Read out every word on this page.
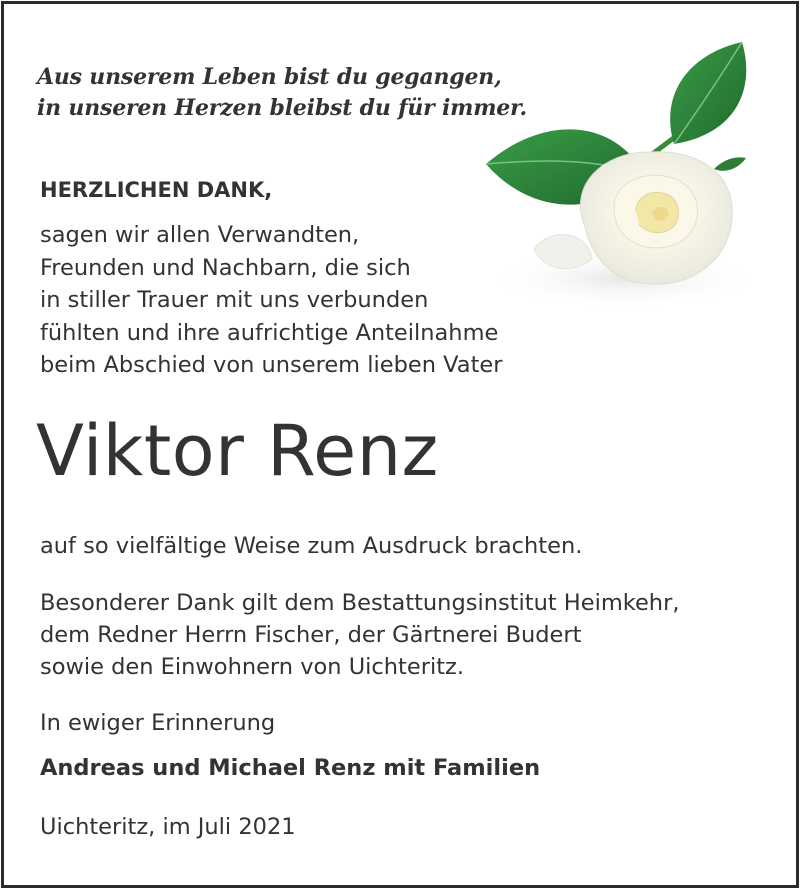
Aus unserem Leben bist du gegangen,
in unseren Herzen bleibst du für immer.
HERZLICHEN DANK,
sagen wir allen Verwandten,
Freunden und Nachbarn, die sich
in stiller Trauer mit uns verbunden
fühlten und ihre aufrichtige Anteilnahme
beim Abschied von unserem lieben Vater
Viktor Renz
auf so vielfältige Weise zum Ausdruck brachten.
Besonderer Dank gilt dem Bestattungsinstitut Heimkehr,
dem Redner Herrn Fischer, der Gärtnerei Budert
sowie den Einwohnern von Uichteritz.
In ewiger Erinnerung
Andreas und Michael Renz mit Familien
Uichteritz, im Juli 2021
